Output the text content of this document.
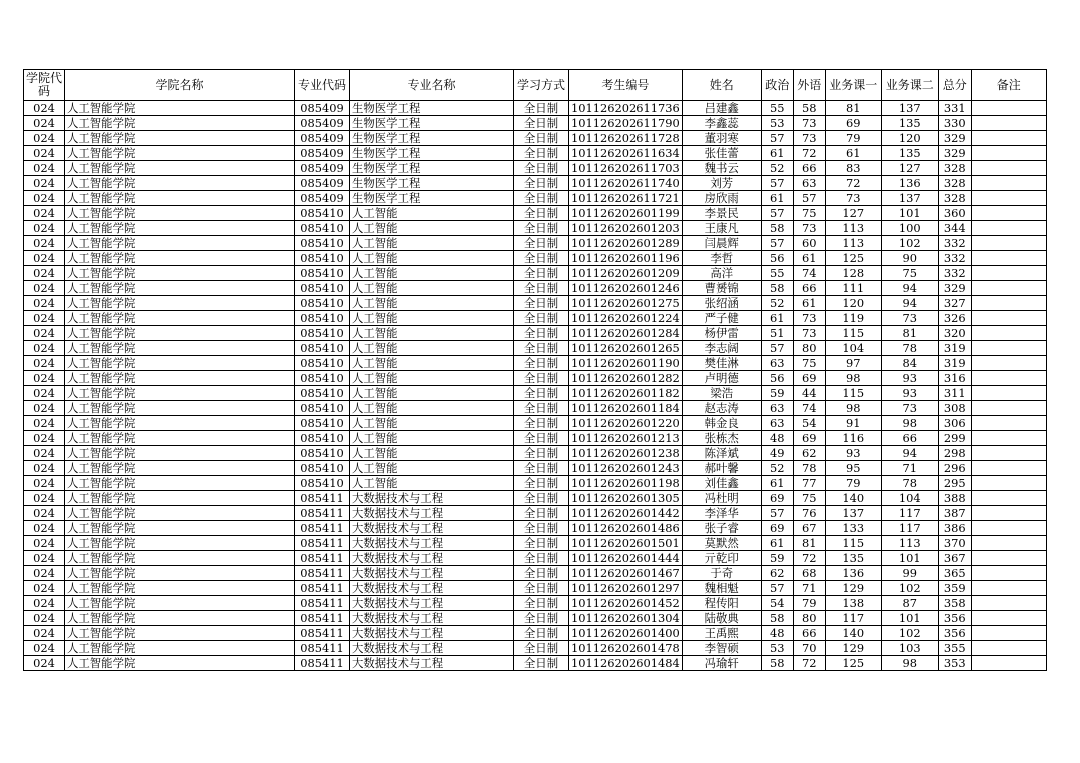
学院代码	学院名称	专业代码	专业名称	学习方式	考生编号	姓名	政治	外语	业务课一	业务课二	总分	备注
024	人工智能学院	085409	生物医学工程	全日制	101126202611736	吕建鑫	55	58	81	137	331	
024	人工智能学院	085409	生物医学工程	全日制	101126202611790	李鑫蕊	53	73	69	135	330	
024	人工智能学院	085409	生物医学工程	全日制	101126202611728	董羽寒	57	73	79	120	329	
024	人工智能学院	085409	生物医学工程	全日制	101126202611634	张佳蕾	61	72	61	135	329	
024	人工智能学院	085409	生物医学工程	全日制	101126202611703	魏书云	52	66	83	127	328	
024	人工智能学院	085409	生物医学工程	全日制	101126202611740	刘芳	57	63	72	136	328	
024	人工智能学院	085409	生物医学工程	全日制	101126202611721	房欣雨	61	57	73	137	328	
024	人工智能学院	085410	人工智能	全日制	101126202601199	李景民	57	75	127	101	360	
024	人工智能学院	085410	人工智能	全日制	101126202601203	王康凡	58	73	113	100	344	
024	人工智能学院	085410	人工智能	全日制	101126202601289	闫晨辉	57	60	113	102	332	
024	人工智能学院	085410	人工智能	全日制	101126202601196	李哲	56	61	125	90	332	
024	人工智能学院	085410	人工智能	全日制	101126202601209	高洋	55	74	128	75	332	
024	人工智能学院	085410	人工智能	全日制	101126202601246	曹赟锦	58	66	111	94	329	
024	人工智能学院	085410	人工智能	全日制	101126202601275	张绍涵	52	61	120	94	327	
024	人工智能学院	085410	人工智能	全日制	101126202601224	严子健	61	73	119	73	326	
024	人工智能学院	085410	人工智能	全日制	101126202601284	杨伊雷	51	73	115	81	320	
024	人工智能学院	085410	人工智能	全日制	101126202601265	李志阔	57	80	104	78	319	
024	人工智能学院	085410	人工智能	全日制	101126202601190	樊佳淋	63	75	97	84	319	
024	人工智能学院	085410	人工智能	全日制	101126202601282	卢明德	56	69	98	93	316	
024	人工智能学院	085410	人工智能	全日制	101126202601182	梁浩	59	44	115	93	311	
024	人工智能学院	085410	人工智能	全日制	101126202601184	赵志涛	63	74	98	73	308	
024	人工智能学院	085410	人工智能	全日制	101126202601220	韩金良	63	54	91	98	306	
024	人工智能学院	085410	人工智能	全日制	101126202601213	张栋杰	48	69	116	66	299	
024	人工智能学院	085410	人工智能	全日制	101126202601238	陈泽斌	49	62	93	94	298	
024	人工智能学院	085410	人工智能	全日制	101126202601243	郝叶馨	52	78	95	71	296	
024	人工智能学院	085410	人工智能	全日制	101126202601198	刘佳鑫	61	77	79	78	295	
024	人工智能学院	085411	大数据技术与工程	全日制	101126202601305	冯杜明	69	75	140	104	388	
024	人工智能学院	085411	大数据技术与工程	全日制	101126202601442	李泽华	57	76	137	117	387	
024	人工智能学院	085411	大数据技术与工程	全日制	101126202601486	张子睿	69	67	133	117	386	
024	人工智能学院	085411	大数据技术与工程	全日制	101126202601501	莫默然	61	81	115	113	370	
024	人工智能学院	085411	大数据技术与工程	全日制	101126202601444	亓乾印	59	72	135	101	367	
024	人工智能学院	085411	大数据技术与工程	全日制	101126202601467	于奇	62	68	136	99	365	
024	人工智能学院	085411	大数据技术与工程	全日制	101126202601297	魏相魁	57	71	129	102	359	
024	人工智能学院	085411	大数据技术与工程	全日制	101126202601452	程传阳	54	79	138	87	358	
024	人工智能学院	085411	大数据技术与工程	全日制	101126202601304	陆敬典	58	80	117	101	356	
024	人工智能学院	085411	大数据技术与工程	全日制	101126202601400	王禹熙	48	66	140	102	356	
024	人工智能学院	085411	大数据技术与工程	全日制	101126202601478	李智硕	53	70	129	103	355	
024	人工智能学院	085411	大数据技术与工程	全日制	101126202601484	冯瑜轩	58	72	125	98	353	
